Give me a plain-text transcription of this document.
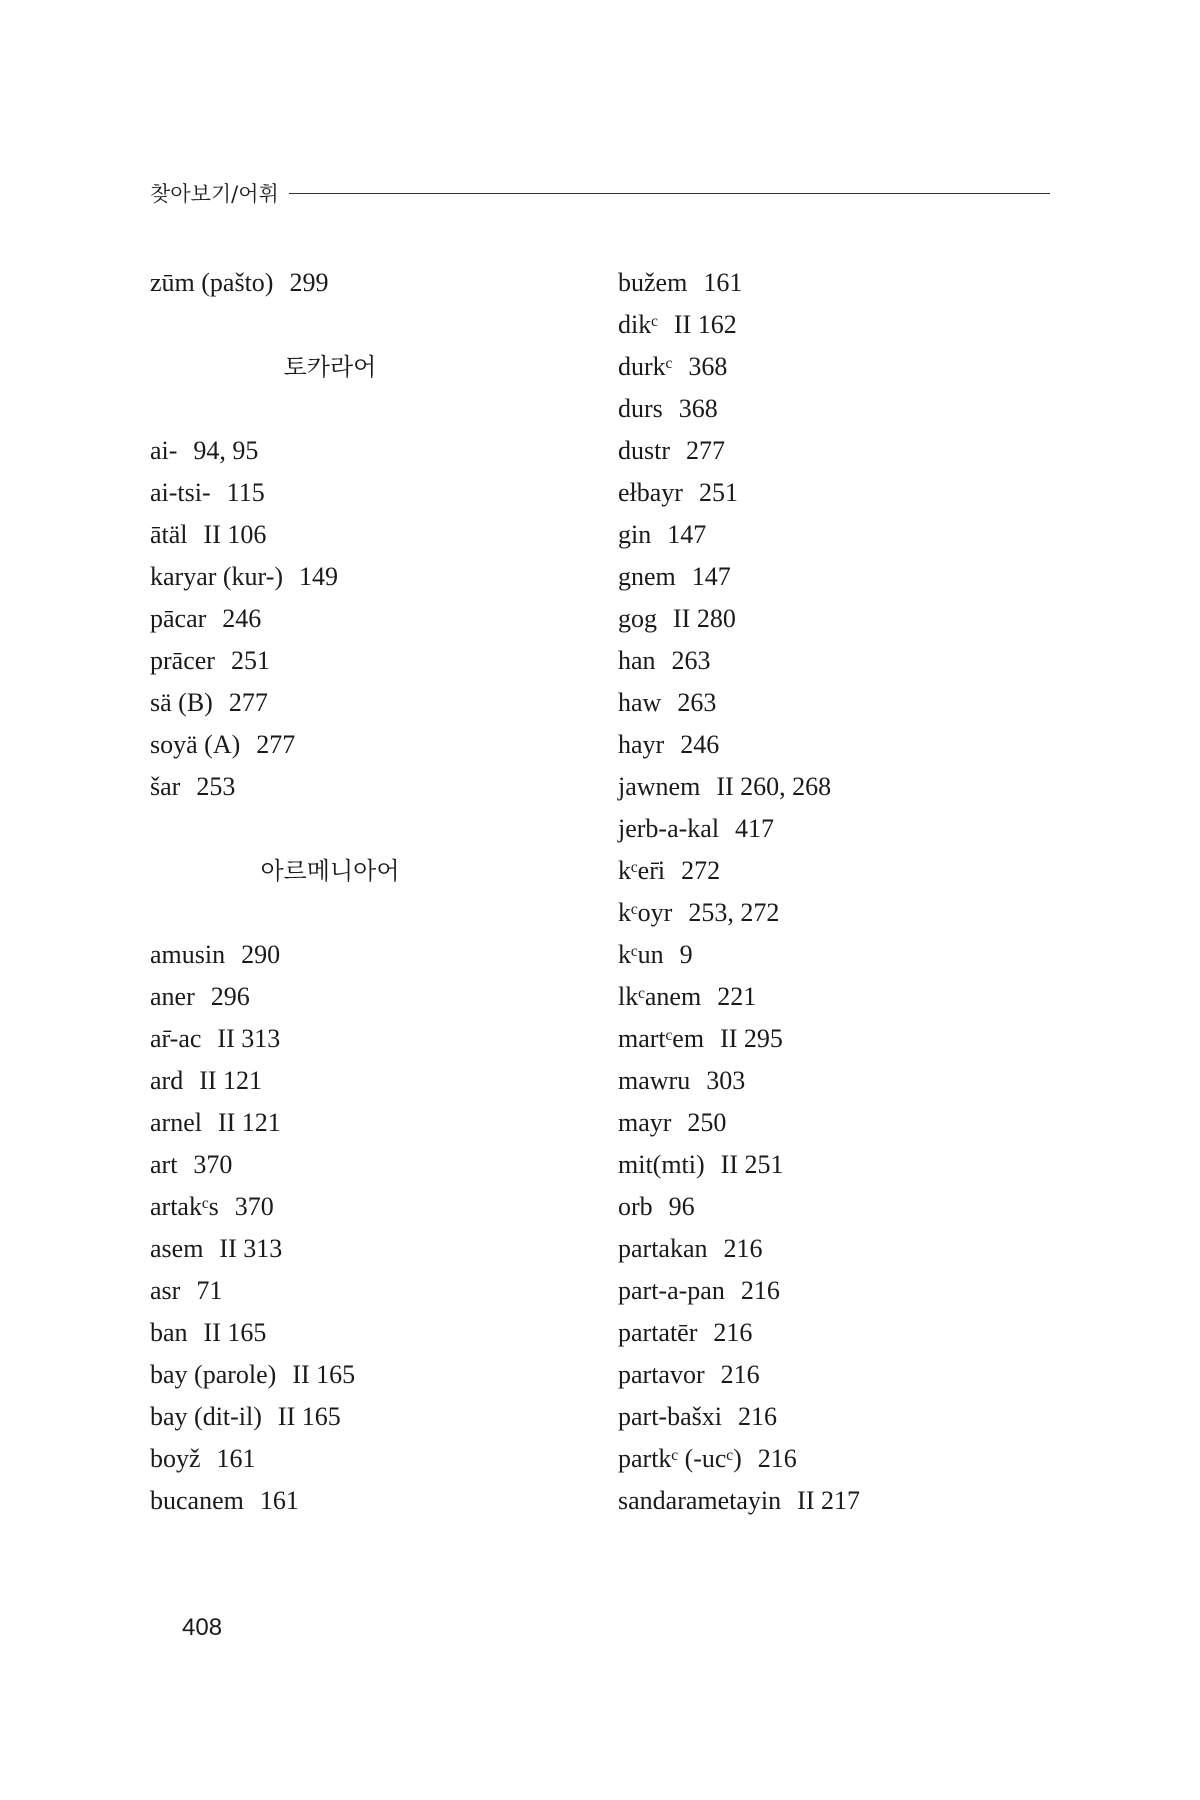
찾아보기/어휘
zūm (pašto) 299
토카라어
ai- 94, 95
ai-tsi- 115
ātäl II 106
karyar (kur-) 149
pācar 246
prācer 251
sä (B) 277
soyä (A) 277
šar 253
아르메니아어
amusin 290
aner 296
ar̄-ac II 313
ard II 121
arnel II 121
art 370
artakᶜs 370
asem II 313
asr 71
ban II 165
bay (parole) II 165
bay (dit-il) II 165
boyž 161
bucanem 161
bužem 161
dikᶜ II 162
durkᶜ 368
durs 368
dustr 277
ełbayr 251
gin 147
gnem 147
gog II 280
han 263
haw 263
hayr 246
jawnem II 260, 268
jerb-a-kal 417
kᶜer̄i 272
kᶜoyr 253, 272
kᶜun 9
lkᶜanem 221
martᶜem II 295
mawru 303
mayr 250
mit(mti) II 251
orb 96
partakan 216
part-a-pan 216
partatēr 216
partavor 216
part-bašxi 216
partkᶜ (-ucᶜ) 216
sandarametayin II 217
408
